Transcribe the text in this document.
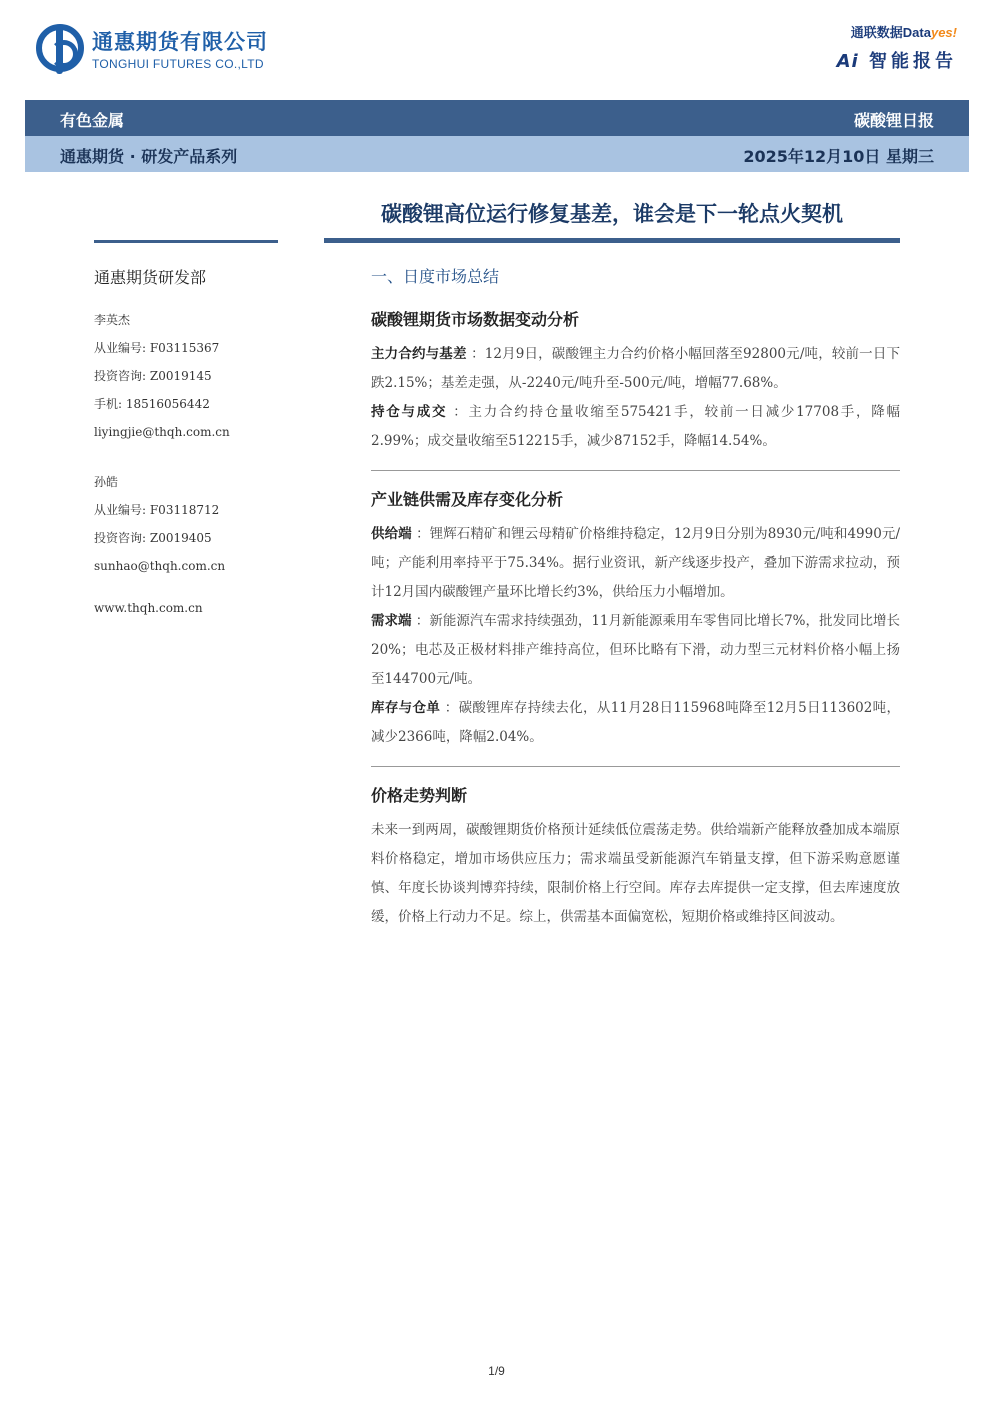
通惠期货有限公司
TONGHUI FUTURES CO.,LTD
通联数据Datayes!
Ai 智能报告
有色金属	碳酸锂日报
通惠期货 · 研发产品系列	2025年12月10日 星期三
碳酸锂高位运行修复基差，谁会是下一轮点火契机
通惠期货研发部
李英杰
从业编号: F03115367
投资咨询: Z0019145
手机: 18516056442
liyingjie@thqh.com.cn
孙皓
从业编号: F03118712
投资咨询: Z0019405
sunhao@thqh.com.cn
www.thqh.com.cn
一、日度市场总结
碳酸锂期货市场数据变动分析

主力合约与基差 ：12月9日，碳酸锂主力合约价格小幅回落至92800元/吨，较前一日下跌2.15%；基差走强，从-2240元/吨升至-500元/吨，增幅77.68%。

持仓与成交 ：主力合约持仓量收缩至575421手，较前一日减少17708手，降幅2.99%；成交量收缩至512215手，减少87152手，降幅14.54%。

产业链供需及库存变化分析

供给端 ：锂辉石精矿和锂云母精矿价格维持稳定，12月9日分别为8930元/吨和4990元/吨；产能利用率持平于75.34%。据行业资讯，新产线逐步投产，叠加下游需求拉动，预计12月国内碳酸锂产量环比增长约3%，供给压力小幅增加。

需求端 ：新能源汽车需求持续强劲，11月新能源乘用车零售同比增长7%，批发同比增长20%；电芯及正极材料排产维持高位，但环比略有下滑，动力型三元材料价格小幅上扬至144700元/吨。

库存与仓单 ：碳酸锂库存持续去化，从11月28日115968吨降至12月5日113602吨，减少2366吨，降幅2.04%。

价格走势判断

未来一到两周，碳酸锂期货价格预计延续低位震荡走势。供给端新产能释放叠加成本端原料价格稳定，增加市场供应压力；需求端虽受新能源汽车销量支撑，但下游采购意愿谨慎、年度长协谈判博弈持续，限制价格上行空间。库存去库提供一定支撑，但去库速度放缓，价格上行动力不足。综上，供需基本面偏宽松，短期价格或维持区间波动。

1/9
